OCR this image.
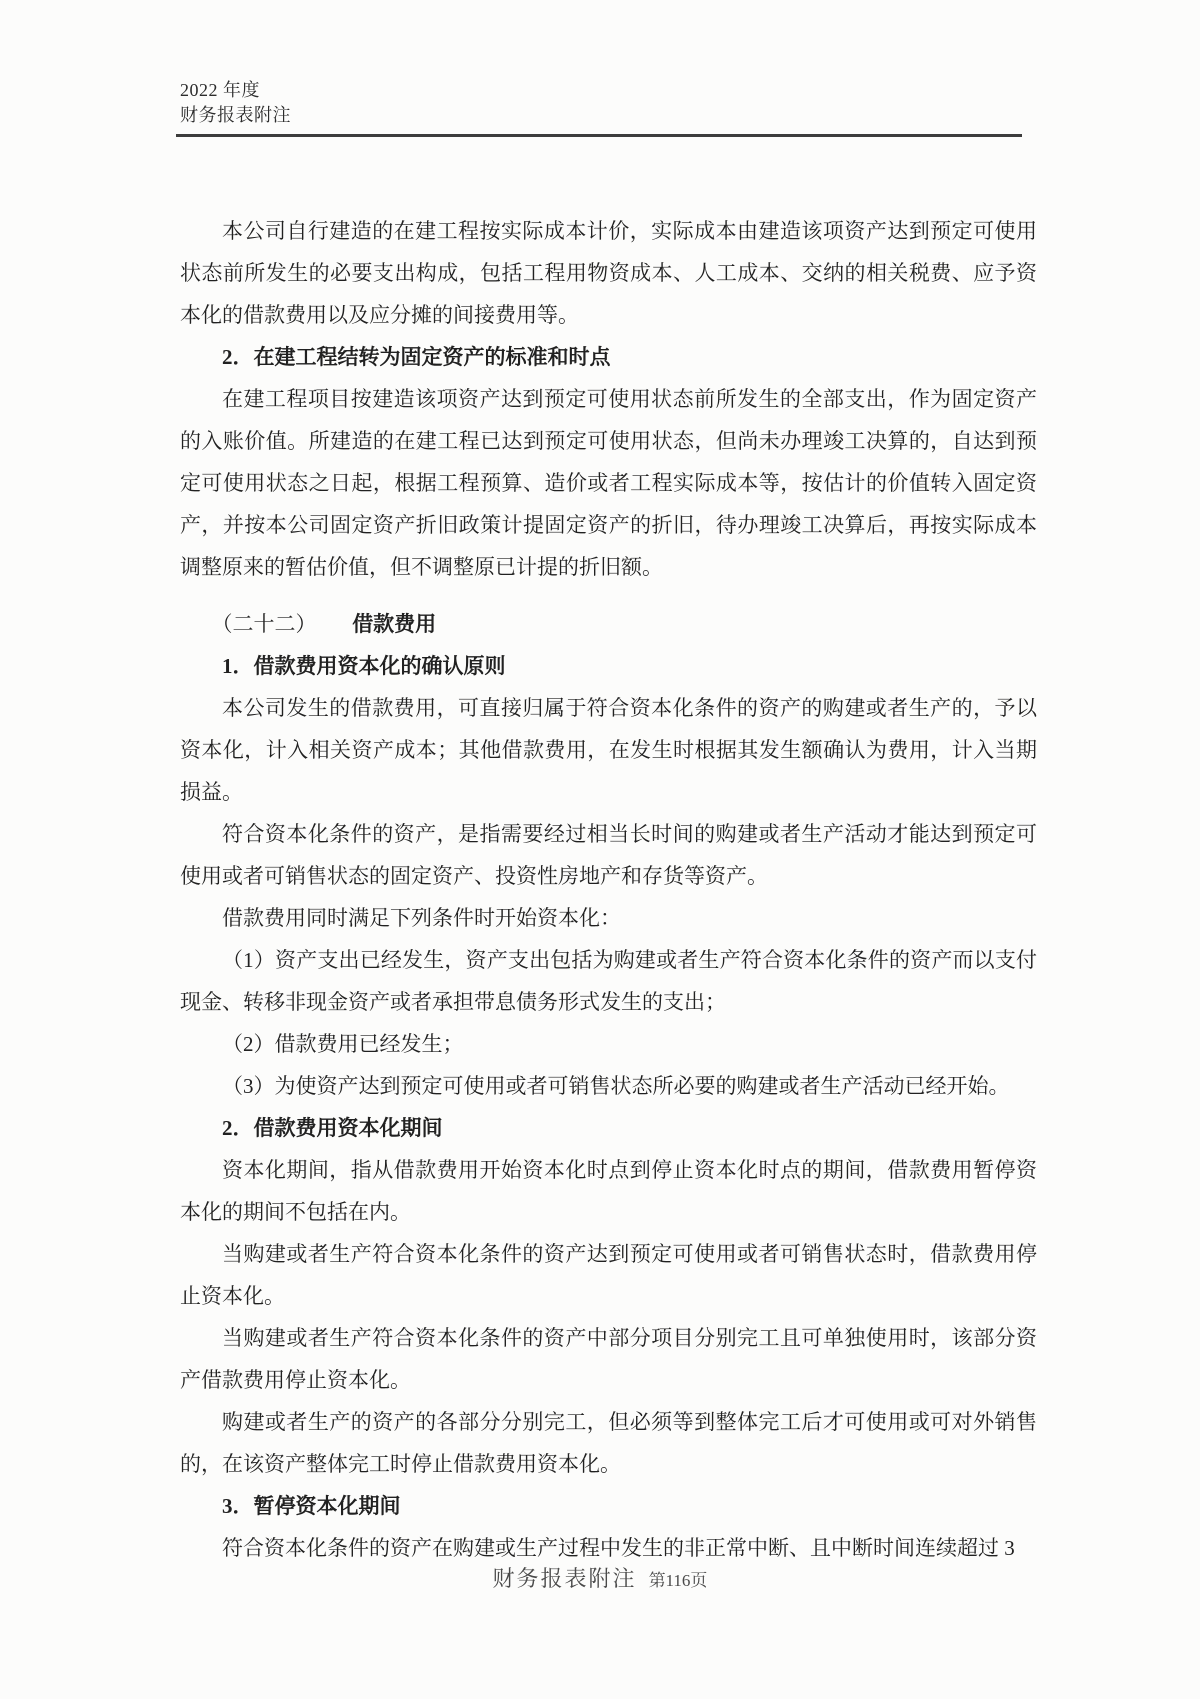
2022 年度
财务报表附注

本公司自行建造的在建工程按实际成本计价，实际成本由建造该项资产达到预定可使用状态前所发生的必要支出构成，包括工程用物资成本、人工成本、交纳的相关税费、应予资本化的借款费用以及应分摊的间接费用等。

2．在建工程结转为固定资产的标准和时点

在建工程项目按建造该项资产达到预定可使用状态前所发生的全部支出，作为固定资产的入账价值。所建造的在建工程已达到预定可使用状态，但尚未办理竣工决算的，自达到预定可使用状态之日起，根据工程预算、造价或者工程实际成本等，按估计的价值转入固定资产，并按本公司固定资产折旧政策计提固定资产的折旧，待办理竣工决算后，再按实际成本调整原来的暂估价值，但不调整原已计提的折旧额。

（二十二） 借款费用

1．借款费用资本化的确认原则

本公司发生的借款费用，可直接归属于符合资本化条件的资产的购建或者生产的，予以资本化，计入相关资产成本；其他借款费用，在发生时根据其发生额确认为费用，计入当期损益。

符合资本化条件的资产，是指需要经过相当长时间的购建或者生产活动才能达到预定可使用或者可销售状态的固定资产、投资性房地产和存货等资产。

借款费用同时满足下列条件时开始资本化：

（1）资产支出已经发生，资产支出包括为购建或者生产符合资本化条件的资产而以支付现金、转移非现金资产或者承担带息债务形式发生的支出；

（2）借款费用已经发生；

（3）为使资产达到预定可使用或者可销售状态所必要的购建或者生产活动已经开始。

2．借款费用资本化期间

资本化期间，指从借款费用开始资本化时点到停止资本化时点的期间，借款费用暂停资本化的期间不包括在内。

当购建或者生产符合资本化条件的资产达到预定可使用或者可销售状态时，借款费用停止资本化。

当购建或者生产符合资本化条件的资产中部分项目分别完工且可单独使用时，该部分资产借款费用停止资本化。

购建或者生产的资产的各部分分别完工，但必须等到整体完工后才可使用或可对外销售的，在该资产整体完工时停止借款费用资本化。

3．暂停资本化期间

符合资本化条件的资产在购建或生产过程中发生的非正常中断、且中断时间连续超过 3

财务报表附注 第116页
